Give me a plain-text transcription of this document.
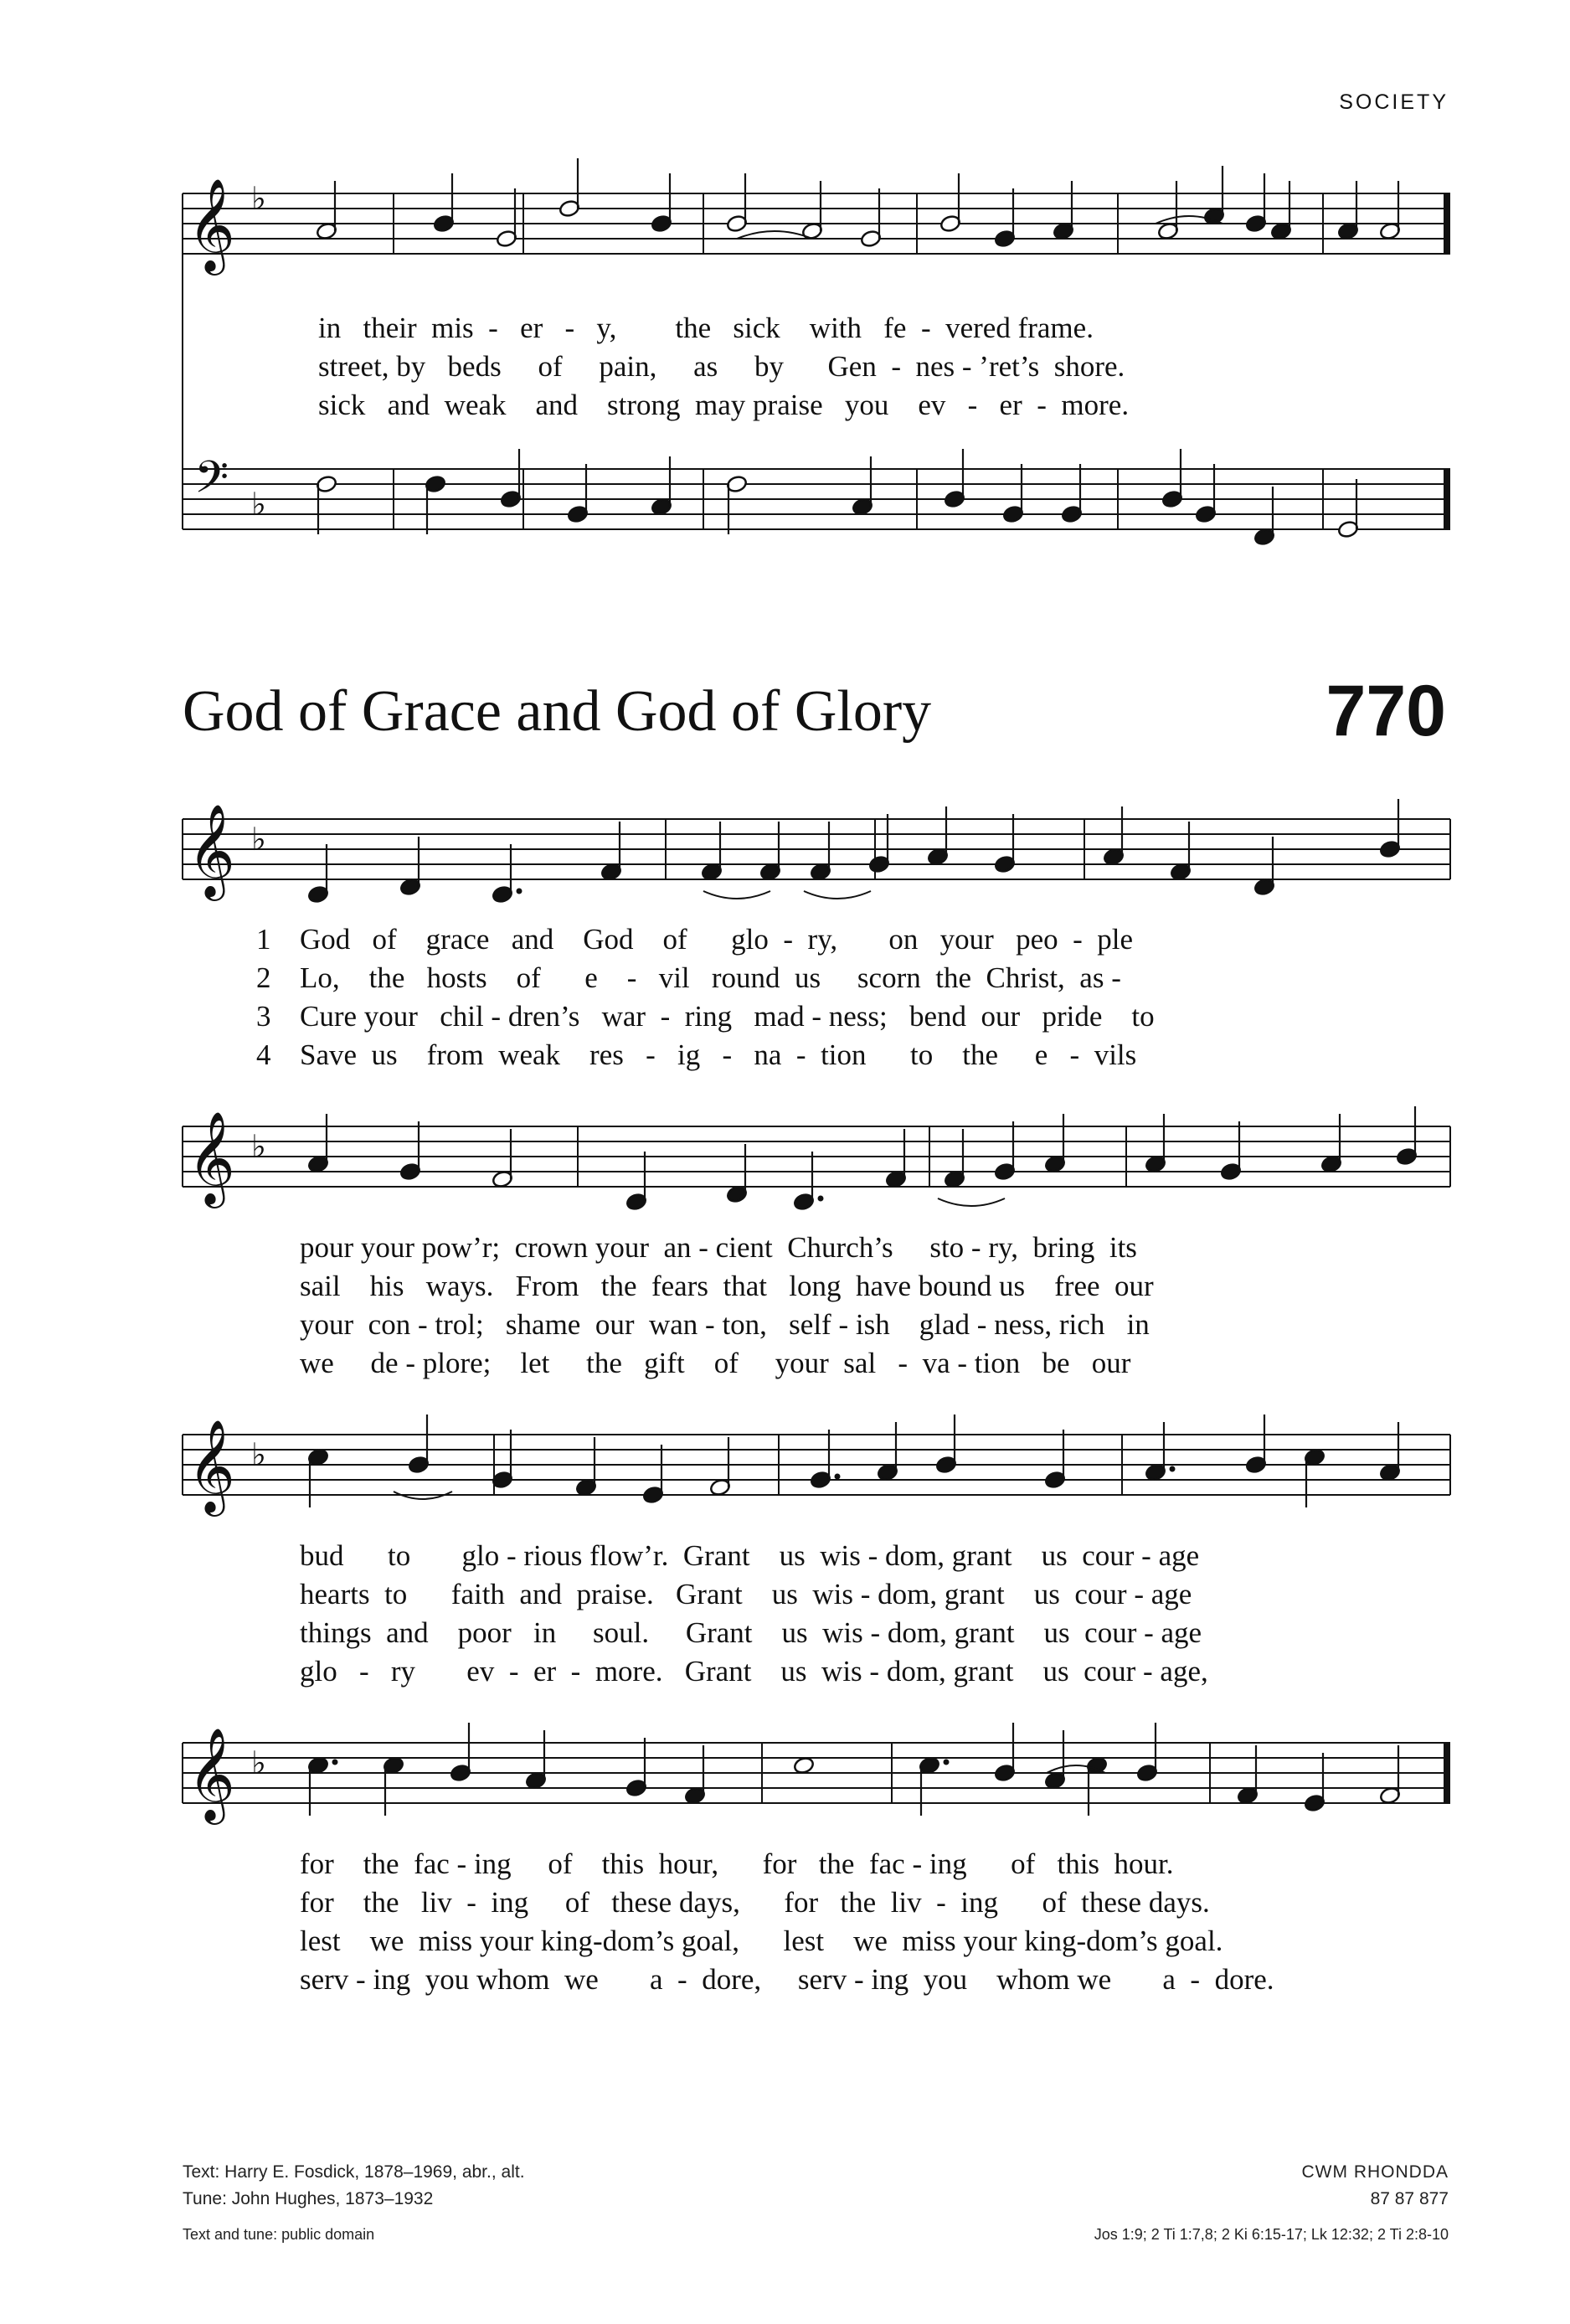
SOCIETY
𝄞
𝄢
♭
♭
𝄞 ♭
𝄞 ♭
𝄞 ♭
𝄞 ♭
in   their  mis  -   er   -   y,        the   sick    with   fe  -  vered frame.
street, by   beds     of     pain,     as     by      Gen  -  nes - ’ret’s  shore.
sick   and  weak    and    strong  may praise   you    ev   -   er  -  more.
God of Grace and God of Glory	770
1
2
3
4
God   of    grace   and    God    of      glo  -  ry,       on   your   peo  -  ple
Lo,    the   hosts    of      e    -   vil   round  us     scorn  the  Christ,  as -
Cure your   chil - dren’s   war  -  ring   mad - ness;   bend  our   pride    to
Save  us    from  weak    res   -   ig   -   na  -  tion      to    the     e   -  vils
pour your pow’r;  crown your  an - cient  Church’s     sto - ry,  bring  its
sail    his   ways.   From   the  fears  that   long  have bound us    free  our
your  con - trol;   shame  our  wan - ton,   self - ish    glad - ness, rich   in
we     de - plore;    let     the   gift    of     your  sal   -  va - tion   be   our
bud      to       glo - rious flow’r.  Grant    us  wis - dom, grant    us  cour - age
hearts  to      faith  and  praise.   Grant    us  wis - dom, grant    us  cour - age
things  and    poor   in     soul.     Grant    us  wis - dom, grant    us  cour - age
glo   -   ry       ev  -  er  -  more.   Grant    us  wis - dom, grant    us  cour - age,
for    the  fac - ing     of    this  hour,      for   the  fac - ing      of   this  hour.
for    the   liv  -  ing     of   these days,      for   the  liv  -  ing      of  these days.
lest    we  miss your king-dom’s goal,      lest    we  miss your king-dom’s goal.
serv - ing  you whom  we       a  -  dore,     serv - ing  you    whom we       a  -  dore.
Text: Harry E. Fosdick, 1878–1969, abr., alt.
Tune: John Hughes, 1873–1932
Text and tune: public domain
CWM RHONDDA
87 87 877
Jos 1:9; 2 Ti 1:7,8; 2 Ki 6:15-17; Lk 12:32; 2 Ti 2:8-10
